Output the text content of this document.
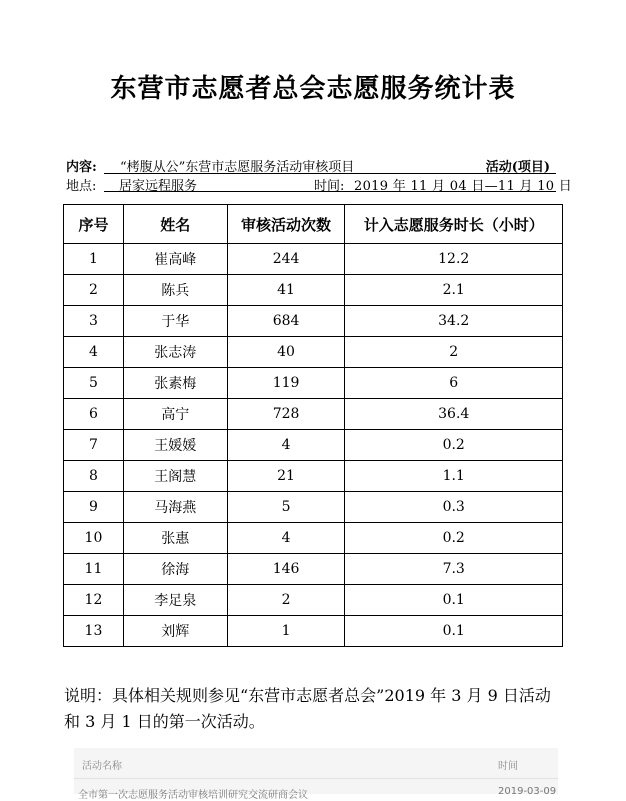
东营市志愿者总会志愿服务统计表
内容: “栲腹从公”东营市志愿服务活动审核项目	活动(项目)
地点: 居家远程服务	时间: 2019 年 11 月 04 日—11 月 10 日
序号	姓名	审核活动次数	计入志愿服务时长（小时）
1	崔高峰	244	12.2
2	陈兵	41	2.1
3	于华	684	34.2
4	张志涛	40	2
5	张素梅	119	6
6	高宁	728	36.4
7	王媛媛	4	0.2
8	王阁慧	21	1.1
9	马海燕	5	0.3
10	张惠	4	0.2
11	徐海	146	7.3
12	李足泉	2	0.1
13	刘辉	1	0.1
说明：具体相关规则参见“东营市志愿者总会”2019 年 3 月 9 日活动和 3 月 1 日的第一次活动。
活动名称	时间
全市第一次志愿服务活动审核培训研究交流研商会议	2019-03-09
